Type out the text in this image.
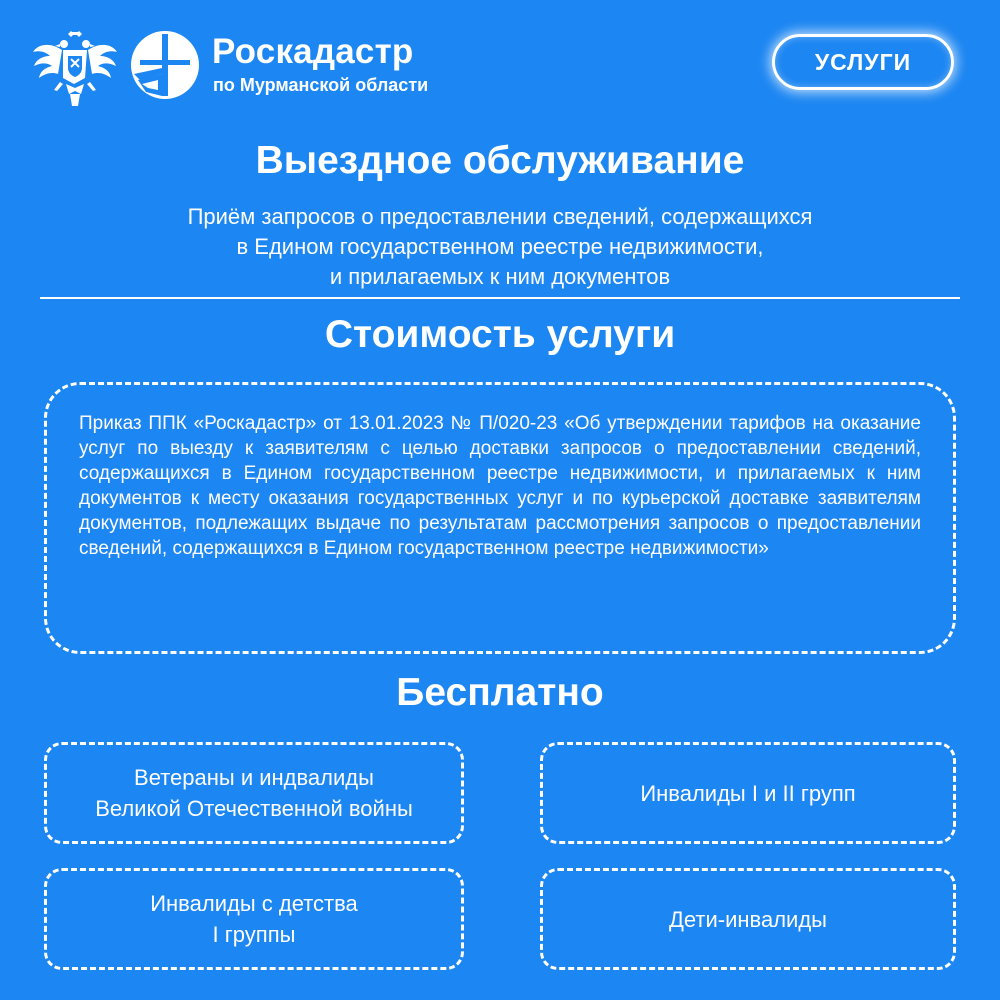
Роскадастр
по Мурманской области
УСЛУГИ
Выездное обслуживание
Приём запросов о предоставлении сведений, содержащихся
в Едином государственном реестре недвижимости,
и прилагаемых к ним документов
Стоимость услуги
Приказ ППК «Роскадастр» от 13.01.2023 № П/020-23 «Об утверждении тарифов на оказание услуг по выезду к заявителям с целью доставки запросов о предоставлении сведений, содержащихся в Едином государственном реестре недвижимости, и прилагаемых к ним документов к месту оказания государственных услуг и по курьерской доставке заявителям документов, подлежащих выдаче по результатам рассмотрения запросов о предоставлении сведений, содержащихся в Едином государственном реестре недвижимости»
Бесплатно
Ветераны и индвалиды
Великой Отечественной войны
Инвалиды I и II групп
Инвалиды с детства
I группы
Дети-инвалиды
